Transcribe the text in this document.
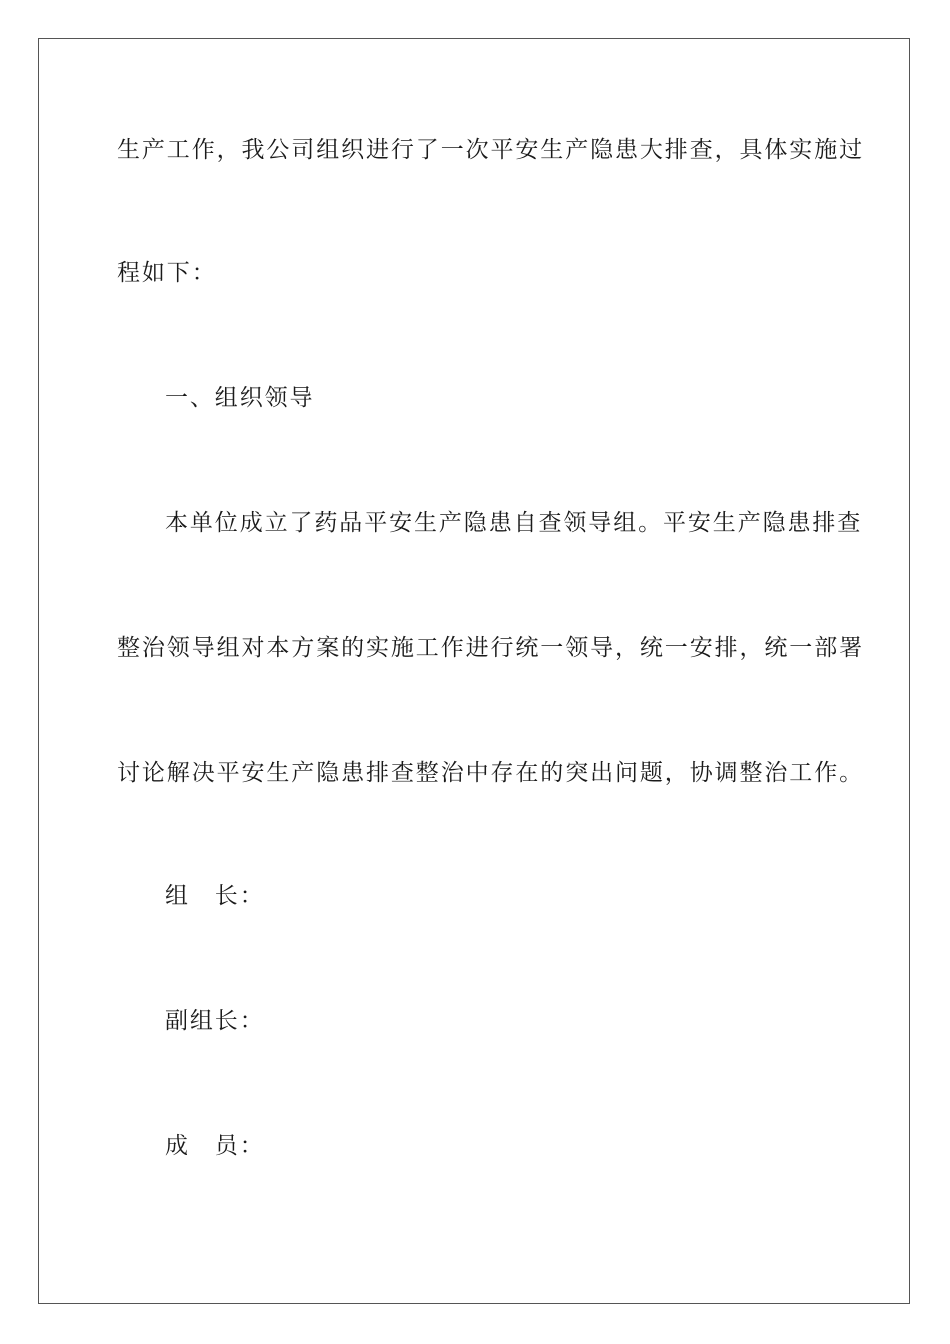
生产工作，我公司组织进行了一次平安生产隐患大排查，具体实施过
程如下：
一、组织领导
本单位成立了药品平安生产隐患自查领导组。平安生产隐患排查
整治领导组对本方案的实施工作进行统一领导，统一安排，统一部署
讨论解决平安生产隐患排查整治中存在的突出问题，协调整治工作。
组　长：
副组长：
成　员：
